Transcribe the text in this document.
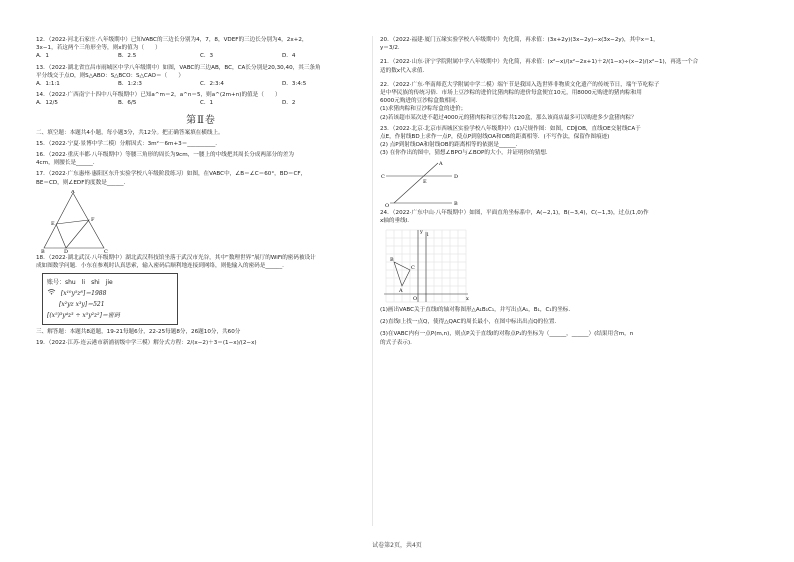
12．（2022·河北石家庄·八年级期中）已知VABC的三边长分别为4，7，8，VDEF的三边长分别为4，2x+2，
3x−1，若这两个三角形全等，则x的值为（　　）
A．1	B．2.5	C．3	D．4
13．（2022·湖北省宜昌市雨城区中学八年级期中）如图，VABC的三边AB，BC，CA长分别是20,30,40，其三条角
平分线交于点O，则S△ABO：S△BCO：S△CAO＝（　　）
A．1:1:1	B．1:2:3	C．2:3:4	D．3:4:5
14．（2022·广西南宁十四中八年级期中）已知a^m＝2，a^n＝5，则a^(2m+n)的值是（　　）
A．12/5	B．6/5	C．1	D．2
第Ⅱ卷
二、填空题：本题共4小题，每小题3分，共12分。把正确答案填在横线上。
15．（2022·宁夏·景博中学二模）分解因式：3m²－6m+3＝__________.
16．（2022·重庆丰都·八年级期中）等腰三角形的周长为9cm，一腰上的中线把其周长分成两部分的差为
4cm，则腰长是______.
17．（2022·广东惠州·惠阳区东升实验学校八年级阶段练习）如图，在VABC中，∠B＝∠C＝60°，BD＝CF，
BE＝CD，则∠EDF的度数是______.
A
B	C
D
E
F
18．（2022·湖北武汉·八年级期中）湖北武汉科技馆坐落于武汉市光谷，其中“数理世界”展厅的WiFi的密码被设计
成如图数学问题．小东在参观时认真思索，输入密码后顺利地连接到网络，则他输入的密码是______.
账号：shu　li　shi　jie
[x¹⁰y⁵z⁸]＝1988
[x²yz x³y]＝521
[(x⁵)³y⁴z³ ÷ x⁵y²z²]＝密码
三、解答题：本题共8道题，19-21每题6分，22-25每题8分，26题10分，共60分
19．（2022·江苏·连云港市新浦初级中学三模）解分式方程：2/(x−2)＋3＝(1−x)/(2−x)
20．（2022·福建·厦门五缘实验学校八年级期中）先化简，再求值：(3x+2y)(3x−2y)−x(3x−2y)，其中x＝1，
y＝3/2.
21．（2022·山东·济宁学院附属中学八年级期中）先化简，再求值：(x²−x)/(x²−2x+1)＋2/(1−x)÷(x−2)/(x²−1)，再选一个合
适的数x代入求值.
22．（2022·广东·华南师范大学附属中学二模）端午节是我国入选世界非物质文化遗产的传统节日，端午节吃粽子
是中华民族的传统习俗．市场上豆沙粽的进价比猪肉粽的进价每盒便宜10元，用8000元购进的猪肉粽和用
6000元购进的豆沙粽盒数相同.
(1)求猪肉粽和豆沙粽每盒的进价；
(2)若该超市某次进不超过4000元的猪肉粽和豆沙粽共120盒，那么该商店最多可以购进多少盒猪肉粽？
23．（2022·北京·北京市西城区实验学校八年级期中）(1)尺规作图：如图，CD∥OB，直线OE交射线CA于
点E，作射线BD上求作一点P，使点P到射线OA和OB的距离相等．(不写作法，保留作图痕迹)
(2) 点P到射线OA和射线OB的距离相等的依据是______.
(3) 在你作出的图中，猜想∠BPO与∠BOP的大小，并证明你的猜想.
A
C
E
D
O	B
24．（2022·广东中山·八年级期中）如图，平面直角坐标系中，A(−2,1)，B(−3,4)，C(−1,3)，过点(1,0)作
x轴的垂线l.
l
A
B
C
O	x
y
(1)画出VABC关于直线l的轴对称图形△A₁B₁C₁，并写出点A₁，B₁，C₁的坐标.
(2)直线l上找一点Q，使得△QAC的周长最小，在图中标出出点Q的位置.
(3)在VABC内有一点P(m,n)，则点P关于直线l的对称点P₁的坐标为（______，______）(结果用含m，n
的式子表示).
试卷第2页，共4页
